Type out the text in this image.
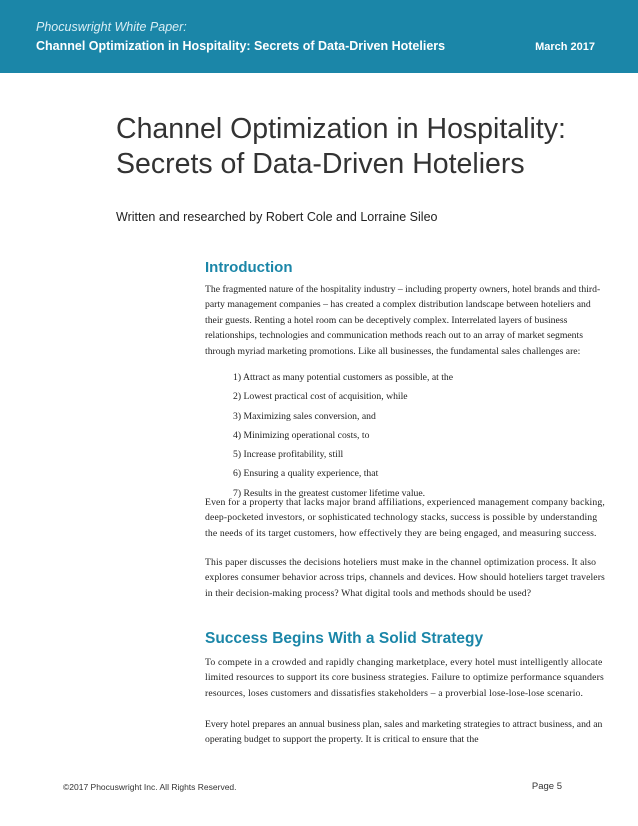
Phocuswright White Paper:
Channel Optimization in Hospitality: Secrets of Data-Driven Hoteliers	March 2017
Channel Optimization in Hospitality:
Secrets of Data-Driven Hoteliers
Written and researched by Robert Cole and Lorraine Sileo
Introduction

The fragmented nature of the hospitality industry – including property owners, hotel brands and third-party management companies – has created a complex distribution landscape between hoteliers and their guests. Renting a hotel room can be deceptively complex. Interrelated layers of business relationships, technologies and communication methods reach out to an array of market segments through myriad marketing promotions. Like all businesses, the fundamental sales challenges are:

1) Attract as many potential customers as possible, at the
2) Lowest practical cost of acquisition, while
3) Maximizing sales conversion, and
4) Minimizing operational costs, to
5) Increase profitability, still
6) Ensuring a quality experience, that
7) Results in the greatest customer lifetime value.

Even for a property that lacks major brand affiliations, experienced management company backing, deep-pocketed investors, or sophisticated technology stacks, success is possible by understanding the needs of its target customers, how effectively they are being engaged, and measuring success.

This paper discusses the decisions hoteliers must make in the channel optimization process. It also explores consumer behavior across trips, channels and devices. How should hoteliers target travelers in their decision-making process? What digital tools and methods should be used?

Success Begins With a Solid Strategy

To compete in a crowded and rapidly changing marketplace, every hotel must intelligently allocate limited resources to support its core business strategies. Failure to optimize performance squanders resources, loses customers and dissatisfies stakeholders – a proverbial lose-lose-lose scenario.

Every hotel prepares an annual business plan, sales and marketing strategies to attract business, and an operating budget to support the property. It is critical to ensure that the

©2017 Phocuswright Inc. All Rights Reserved.	Page 5
